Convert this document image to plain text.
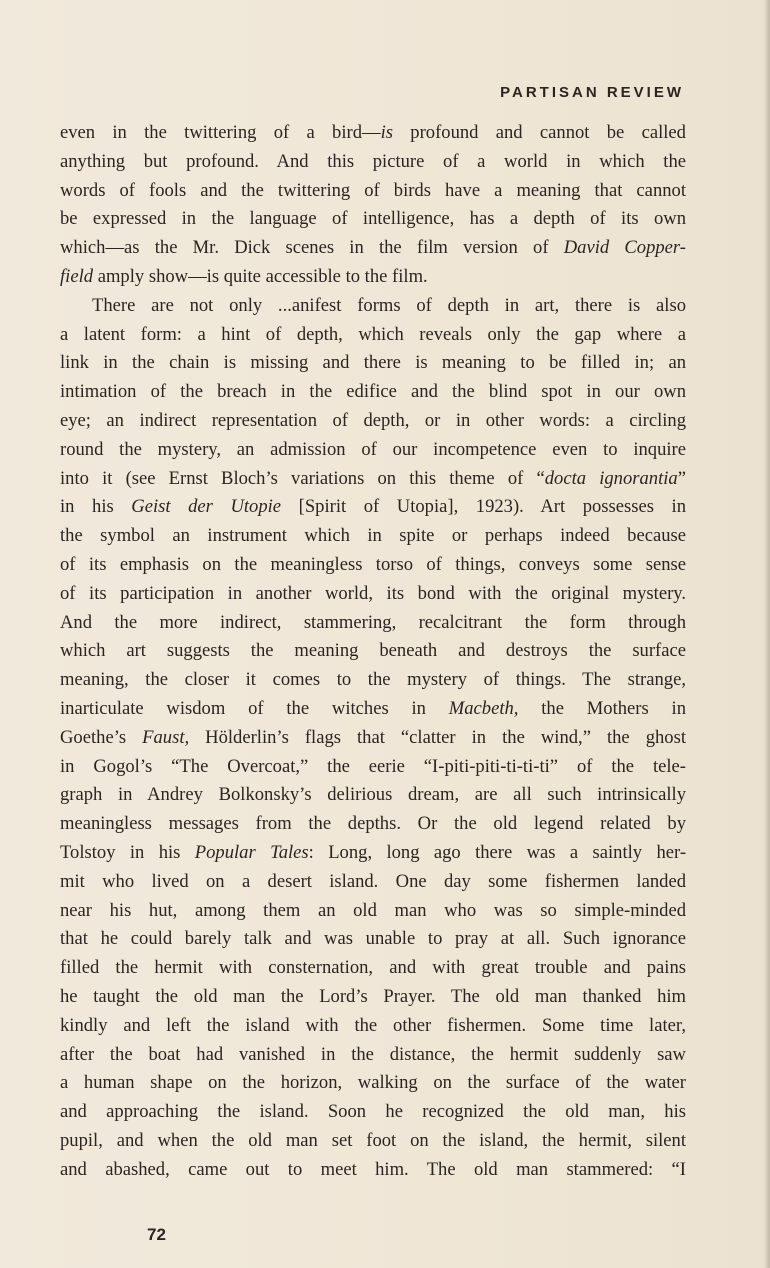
PARTISAN REVIEW
even in the twittering of a bird—is profound and cannot be called
anything but profound. And this picture of a world in which the
words of fools and the twittering of birds have a meaning that cannot
be expressed in the language of intelligence, has a depth of its own
which—as the Mr. Dick scenes in the film version of David Copper-
field amply show—is quite accessible to the film.
There are not only ...anifest forms of depth in art, there is also
a latent form: a hint of depth, which reveals only the gap where a
link in the chain is missing and there is meaning to be filled in; an
intimation of the breach in the edifice and the blind spot in our own
eye; an indirect representation of depth, or in other words: a circling
round the mystery, an admission of our incompetence even to inquire
into it (see Ernst Bloch’s variations on this theme of “docta ignorantia”
in his Geist der Utopie [Spirit of Utopia], 1923). Art possesses in
the symbol an instrument which in spite or perhaps indeed because
of its emphasis on the meaningless torso of things, conveys some sense
of its participation in another world, its bond with the original mystery.
And the more indirect, stammering, recalcitrant the form through
which art suggests the meaning beneath and destroys the surface
meaning, the closer it comes to the mystery of things. The strange,
inarticulate wisdom of the witches in Macbeth, the Mothers in
Goethe’s Faust, Hölderlin’s flags that “clatter in the wind,” the ghost
in Gogol’s “The Overcoat,” the eerie “I-piti-piti-ti-ti-ti” of the tele-
graph in Andrey Bolkonsky’s delirious dream, are all such intrinsically
meaningless messages from the depths. Or the old legend related by
Tolstoy in his Popular Tales: Long, long ago there was a saintly her-
mit who lived on a desert island. One day some fishermen landed
near his hut, among them an old man who was so simple-minded
that he could barely talk and was unable to pray at all. Such ignorance
filled the hermit with consternation, and with great trouble and pains
he taught the old man the Lord’s Prayer. The old man thanked him
kindly and left the island with the other fishermen. Some time later,
after the boat had vanished in the distance, the hermit suddenly saw
a human shape on the horizon, walking on the surface of the water
and approaching the island. Soon he recognized the old man, his
pupil, and when the old man set foot on the island, the hermit, silent
and abashed, came out to meet him. The old man stammered: “I
72
